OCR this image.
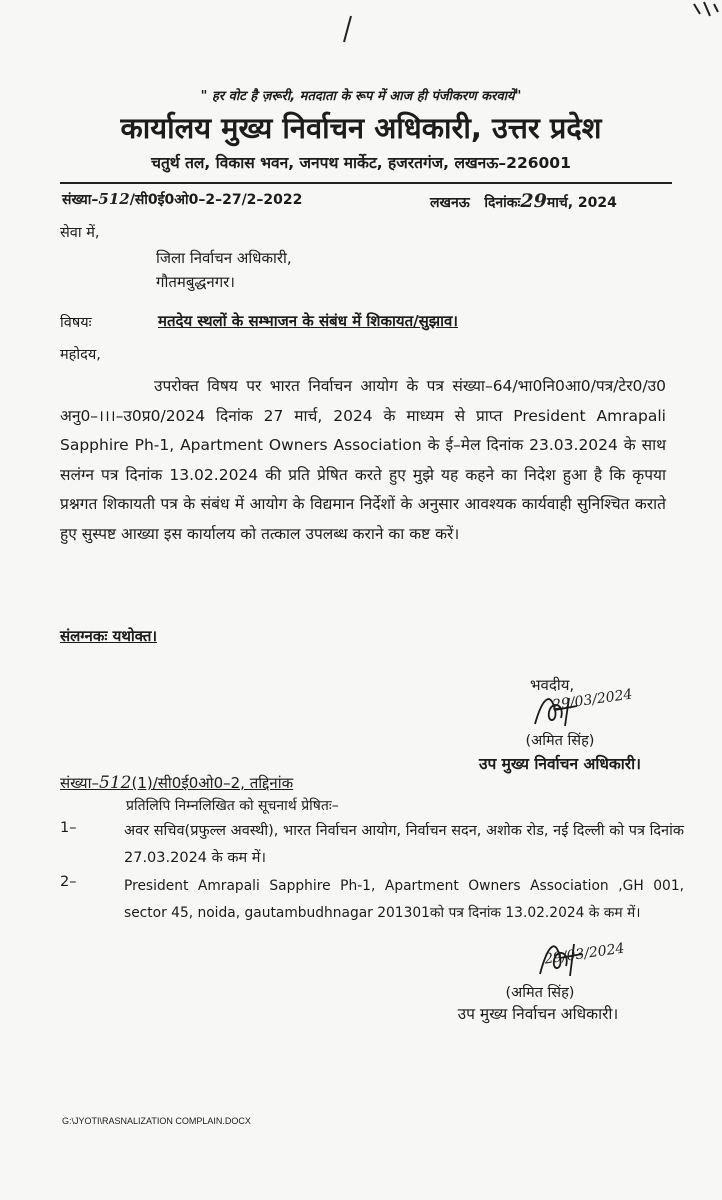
" हर वोट है ज़रूरी, मतदाता के रूप में आज ही पंजीकरण करवायें"
कार्यालय मुख्य निर्वाचन अधिकारी, उत्तर प्रदेश
चतुर्थ तल, विकास भवन, जनपथ मार्केट, हजरतगंज, लखनऊ–226001
संख्या–512/सी0ई0ओ0–2–27/2–2022	लखनऊ दिनांकः29मार्च, 2024
सेवा में,
जिला निर्वाचन अधिकारी,
गौतमबुद्धनगर।
विषयः	मतदेय स्थलों के सम्भाजन के संबंध में शिकायत/सुझाव।
महोदय,
उपरोक्त विषय पर भारत निर्वाचन आयोग के पत्र संख्या–64/भा0नि0आ0/पत्र/टेर0/उ0 अनु0–।।।–उ0प्र0/2024 दिनांक 27 मार्च, 2024 के माध्यम से प्राप्त President Amrapali Sapphire Ph-1, Apartment Owners Association के ई–मेल दिनांक 23.03.2024 के साथ सलंग्न पत्र दिनांक 13.02.2024 की प्रति प्रेषित करते हुए मुझे यह कहने का निदेश हुआ है कि कृपया प्रश्नगत शिकायती पत्र के संबंध में आयोग के विद्यमान निर्देशों के अनुसार आवश्यक कार्यवाही सुनिश्चित कराते हुए सुस्पष्ट आख्या इस कार्यालय को तत्काल उपलब्ध कराने का कष्ट करें।
संलग्नकः यथोक्त।
भवदीय,
29/03/2024
(अमित सिंह)
उप मुख्य निर्वाचन अधिकारी।
संख्या–512(1)/सी0ई0ओ0–2, तद्दिनांक
प्रतिलिपि निम्नलिखित को सूचनार्थ प्रेषितः–
1–	अवर सचिव(प्रफुल्ल अवस्थी), भारत निर्वाचन आयोग, निर्वाचन सदन, अशोक रोड, नई दिल्ली को पत्र दिनांक 27.03.2024 के कम में।
2–	President Amrapali Sapphire Ph-1, Apartment Owners Association ,GH 001, sector 45, noida, gautambudhnagar 201301को पत्र दिनांक 13.02.2024 के कम में।
29/03/2024
(अमित सिंह)
उप मुख्य निर्वाचन अधिकारी।
G:\JYOTI\RASNALIZATION COMPLAIN.DOCX
